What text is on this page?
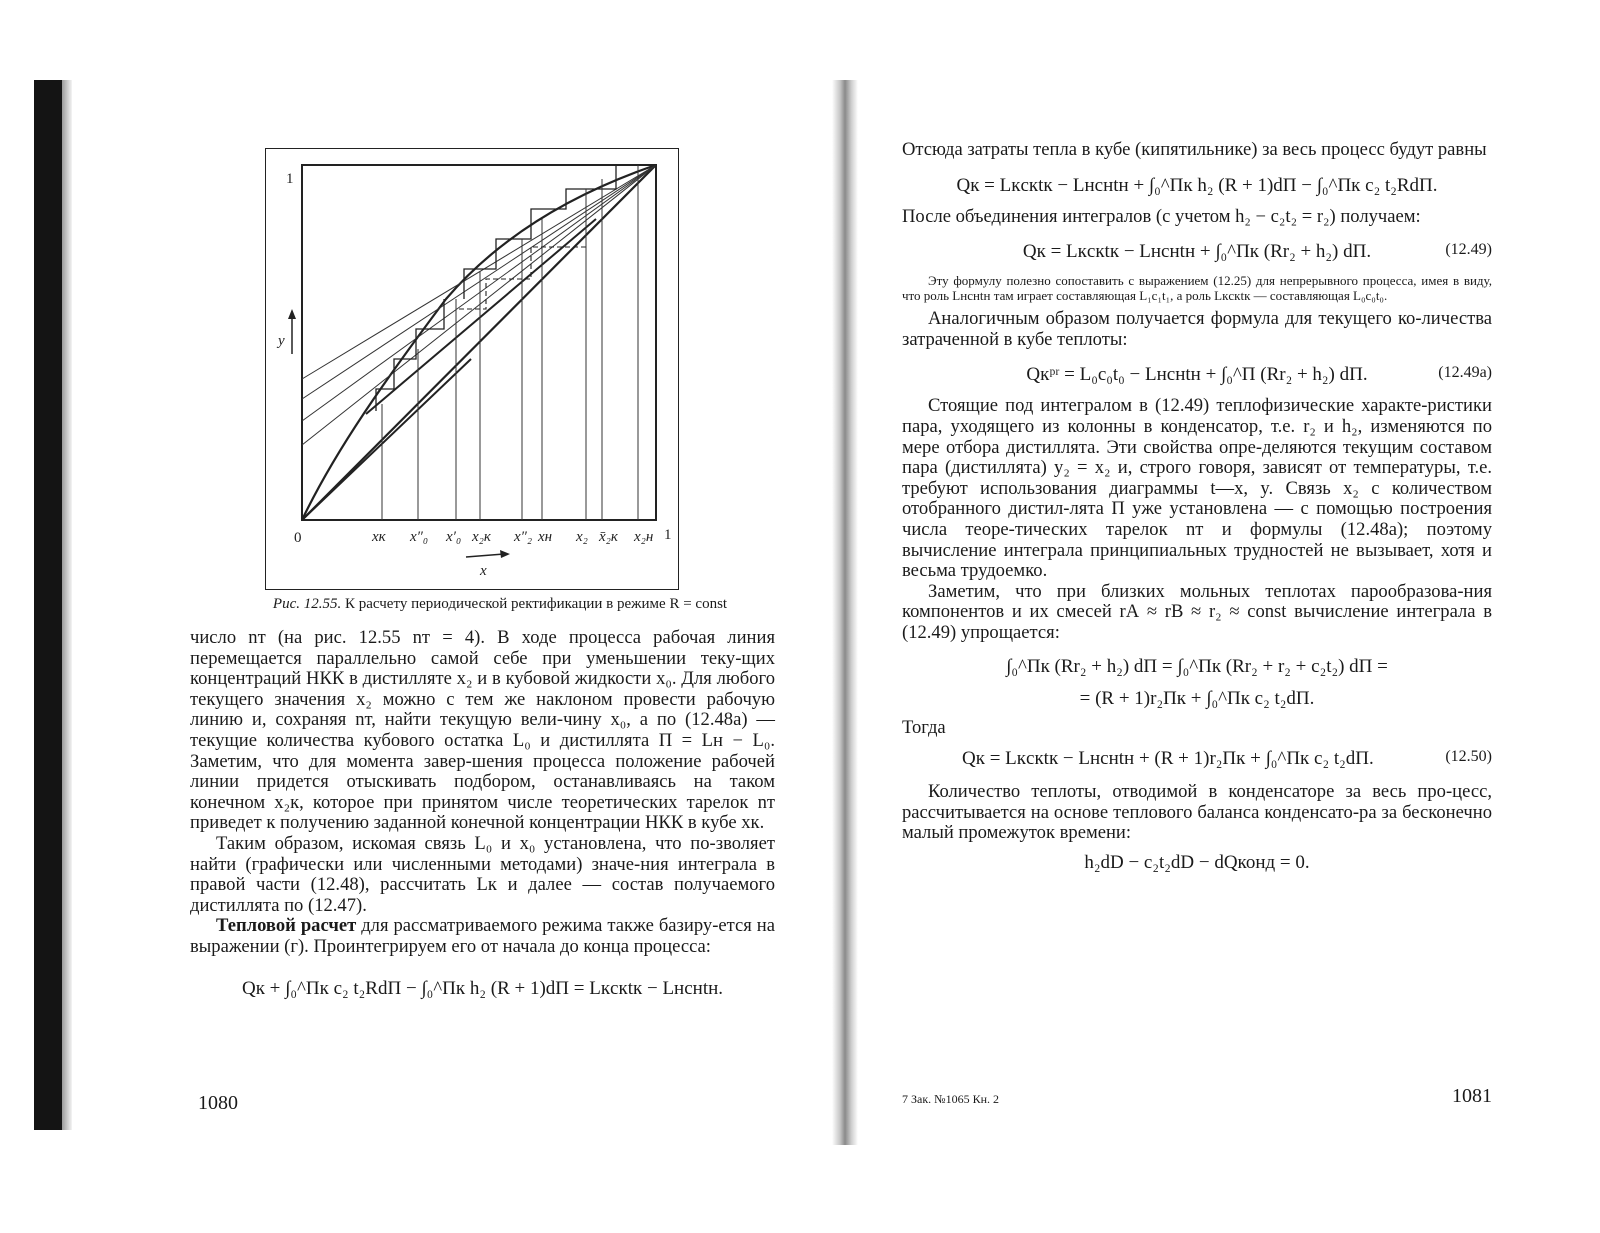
y
1
0	1
xк x″₀ x′₀ x₂к x″₂ xн x₂ x̄₂к x₂н
x

Рис. 12.55. К расчету периодической ректификации в режиме R = const

число nт (на рис. 12.55 nт = 4). В ходе процесса рабочая линия перемещается параллельно самой себе при уменьшении теку-щих концентраций НКК в дистилляте x₂ и в кубовой жидкости x₀. Для любого текущего значения x₂ можно с тем же наклоном провести рабочую линию и, сохраняя nт, найти текущую вели-чину x₀, а по (12.48а) — текущие количества кубового остатка L₀ и дистиллята П = Lн − L₀. Заметим, что для момента завер-шения процесса положение рабочей линии придется отыскивать подбором, останавливаясь на таком конечном x₂к, которое при принятом числе теоретических тарелок nт приведет к получению заданной конечной концентрации НКК в кубе xк.

Таким образом, искомая связь L₀ и x₀ установлена, что по-зволяет найти (графически или численными методами) значе-ния интеграла в правой части (12.48), рассчитать Lк и далее — состав получаемого дистиллята по (12.47).

Тепловой расчет для рассматриваемого режима также базиру-ется на выражении (г). Проинтегрируем его от начала до конца процесса:

Qк + ∫₀^Пк c₂ t₂RdП − ∫₀^Пк h₂ (R + 1)dП = Lкcкtк − Lнcнtн.

1080

Отсюда затраты тепла в кубе (кипятильнике) за весь процесс будут равны

Qк = Lкcкtк − Lнcнtн + ∫₀^Пк h₂ (R + 1)dП − ∫₀^Пк c₂ t₂RdП.

После объединения интегралов (с учетом h₂ − c₂t₂ = r₂) получаем:

Qк = Lкcкtк − Lнcнtн + ∫₀^Пк (Rr₂ + h₂) dП.	(12.49)

Эту формулу полезно сопоставить с выражением (12.25) для непрерывного процесса, имея в виду, что роль Lнcнtн там играет составляющая L₁c₁t₁, а роль Lкcкtк — составляющая L₀c₀t₀.

Аналогичным образом получается формула для текущего ко-личества затраченной в кубе теплоты:

Qкᵖʳ = L₀c₀t₀ − Lнcнtн + ∫₀^П (Rr₂ + h₂) dП.	(12.49а)

Стоящие под интегралом в (12.49) теплофизические характе-ристики пара, уходящего из колонны в конденсатор, т.е. r₂ и h₂, изменяются по мере отбора дистиллята. Эти свойства опре-деляются текущим составом пара (дистиллята) y₂ = x₂ и, строго говоря, зависят от температуры, т.е. требуют использования диаграммы t—x, y. Связь x₂ с количеством отобранного дистил-лята П уже установлена — с помощью построения числа теоре-тических тарелок nт и формулы (12.48а); поэтому вычисление интеграла принципиальных трудностей не вызывает, хотя и весьма трудоемко.

Заметим, что при близких мольных теплотах парообразова-ния компонентов и их смесей rА ≈ rВ ≈ r₂ ≈ const вычисление интеграла в (12.49) упрощается:

∫₀^Пк (Rr₂ + h₂) dП = ∫₀^Пк (Rr₂ + r₂ + c₂t₂) dП =

= (R + 1)r₂Пк + ∫₀^Пк c₂ t₂dП.

Тогда

Qк = Lкcкtк − Lнcнtн + (R + 1)r₂Пк + ∫₀^Пк c₂ t₂dП.	(12.50)

Количество теплоты, отводимой в конденсаторе за весь про-цесс, рассчитывается на основе теплового баланса конденсато-ра за бесконечно малый промежуток времени:

h₂dD − c₂t₂dD − dQконд = 0.

7 Зак. №1065 Кн. 2	1081
